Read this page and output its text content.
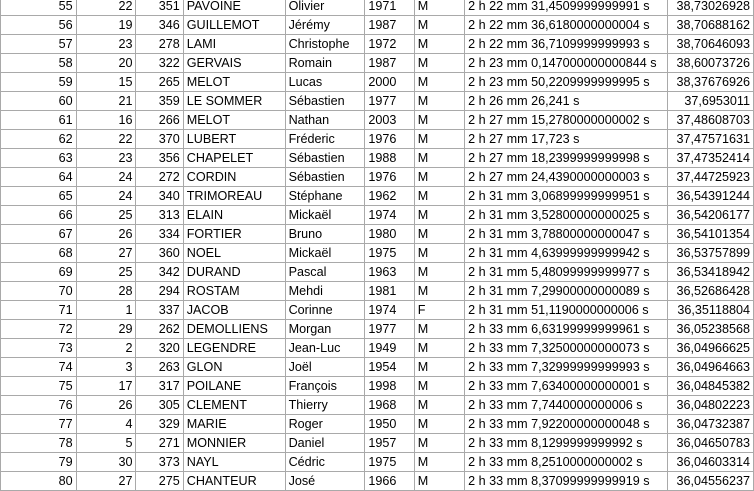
55	22	351	PAVOINE	Olivier	1971	M	2 h 22 mm 31,4509999999991 s	38,73026928
56	19	346	GUILLEMOT	Jérémy	1987	M	2 h 22 mm 36,6180000000004 s	38,70688162
57	23	278	LAMI	Christophe	1972	M	2 h 22 mm 36,7109999999993 s	38,70646093
58	20	322	GERVAIS	Romain	1987	M	2 h 23 mm 0,147000000000844 s	38,60073726
59	15	265	MELOT	Lucas	2000	M	2 h 23 mm 50,2209999999995 s	38,37676926
60	21	359	LE SOMMER	Sébastien	1977	M	2 h 26 mm 26,241 s	37,6953011
61	16	266	MELOT	Nathan	2003	M	2 h 27 mm 15,2780000000002 s	37,48608703
62	22	370	LUBERT	Fréderic	1976	M	2 h 27 mm 17,723 s	37,47571631
63	23	356	CHAPELET	Sébastien	1988	M	2 h 27 mm 18,2399999999998 s	37,47352414
64	24	272	CORDIN	Sébastien	1976	M	2 h 27 mm 24,4390000000003 s	37,44725923
65	24	340	TRIMOREAU	Stéphane	1962	M	2 h 31 mm 3,06899999999951 s	36,54391244
66	25	313	ELAIN	Mickaël	1974	M	2 h 31 mm 3,52800000000025 s	36,54206177
67	26	334	FORTIER	Bruno	1980	M	2 h 31 mm 3,78800000000047 s	36,54101354
68	27	360	NOEL	Mickaël	1975	M	2 h 31 mm 4,63999999999942 s	36,53757899
69	25	342	DURAND	Pascal	1963	M	2 h 31 mm 5,48099999999977 s	36,53418942
70	28	294	ROSTAM	Mehdi	1981	M	2 h 31 mm 7,29900000000089 s	36,52686428
71	1	337	JACOB	Corinne	1974	F	2 h 31 mm 51,1190000000006 s	36,35118804
72	29	262	DEMOLLIENS	Morgan	1977	M	2 h 33 mm 6,63199999999961 s	36,05238568
73	2	320	LEGENDRE	Jean-Luc	1949	M	2 h 33 mm 7,32500000000073 s	36,04966625
74	3	263	GLON	Joël	1954	M	2 h 33 mm 7,32999999999993 s	36,04964663
75	17	317	POILANE	François	1998	M	2 h 33 mm 7,63400000000001 s	36,04845382
76	26	305	CLEMENT	Thierry	1968	M	2 h 33 mm 7,7440000000006 s	36,04802223
77	4	329	MARIE	Roger	1950	M	2 h 33 mm 7,92200000000048 s	36,04732387
78	5	271	MONNIER	Daniel	1957	M	2 h 33 mm 8,1299999999992 s	36,04650783
79	30	373	NAYL	Cédric	1975	M	2 h 33 mm 8,2510000000002 s	36,04603314
80	27	275	CHANTEUR	José	1966	M	2 h 33 mm 8,37099999999919 s	36,04556237
